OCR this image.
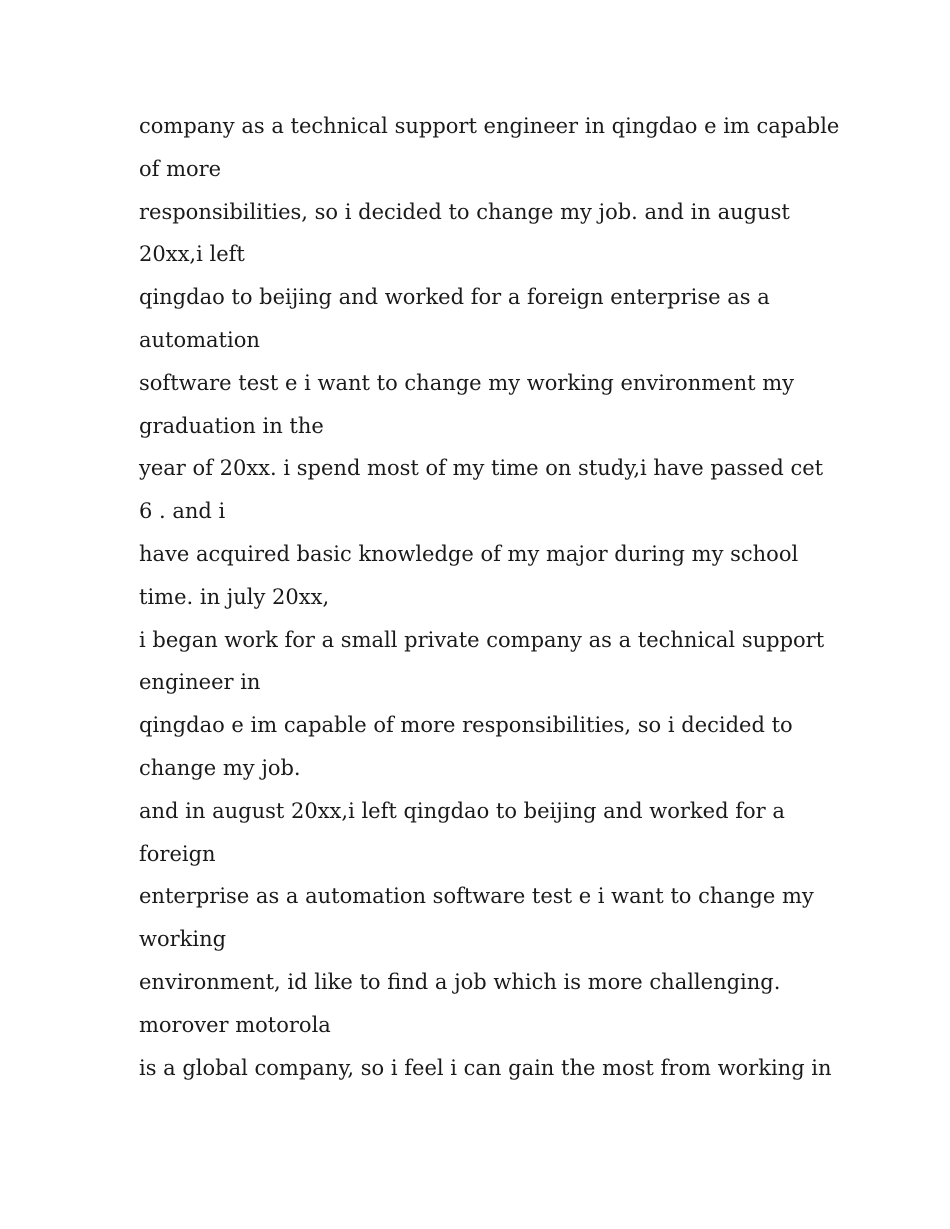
company as a technical support engineer in qingdao e im capable
of more
responsibilities, so i decided to change my job. and in august
20xx,i left
qingdao to beijing and worked for a foreign enterprise as a
automation
software test e i want to change my working environment my
graduation in the
year of 20xx. i spend most of my time on study,i have passed cet
6 . and i
have acquired basic knowledge of my major during my school
time. in july 20xx,
i began work for a small private company as a technical support
engineer in
qingdao e im capable of more responsibilities, so i decided to
change my job.
and in august 20xx,i left qingdao to beijing and worked for a
foreign
enterprise as a automation software test e i want to change my
working
environment, id like to find a job which is more challenging.
morover motorola
is a global company, so i feel i can gain the most from working in
